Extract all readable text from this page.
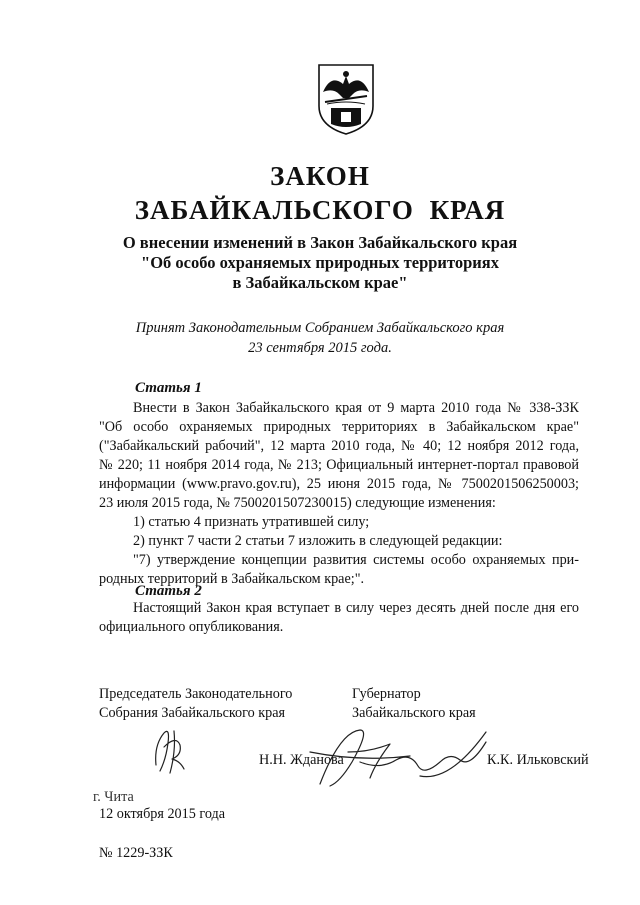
ЗАКОН
ЗАБАЙКАЛЬСКОГО КРАЯ
О внесении изменений в Закон Забайкальского края
"Об особо охраняемых природных территориях
в Забайкальском крае"
Принят Законодательным Собранием Забайкальского края
23 сентября 2015 года.
Статья 1
Внести в Закон Забайкальского края от 9 марта 2010 года № 338-ЗЗК
"Об особо охраняемых природных территориях в Забайкальском крае"
("Забайкальский рабочий", 12 марта 2010 года, № 40; 12 ноября 2012 года,
№ 220; 11 ноября 2014 года, № 213; Официальный интернет-портал правовой
информации (www.pravo.gov.ru), 25 июня 2015 года, № 7500201506250003;
23 июля 2015 года, № 7500201507230015) следующие изменения:
1) статью 4 признать утратившей силу;
2) пункт 7 части 2 статьи 7 изложить в следующей редакции:
"7) утверждение концепции развития системы особо охраняемых при-
родных территорий в Забайкальском крае;".
Статья 2
Настоящий Закон края вступает в силу через десять дней после дня его
официального опубликования.
Председатель Законодательного
Собрания Забайкальского края
Губернатор
Забайкальского края
Н.Н. Жданова	К.К. Ильковский
г. Чита
12 октября 2015 года
№ 1229-ЗЗК
